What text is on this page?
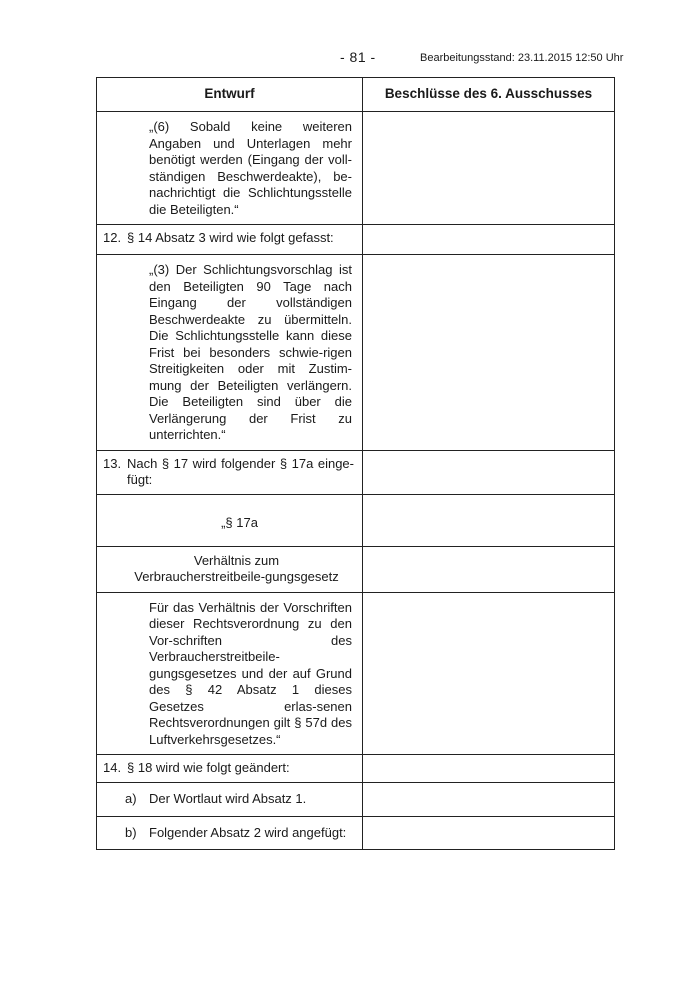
- 81 -	Bearbeitungsstand: 23.11.2015 12:50 Uhr
Entwurf	Beschlüsse des 6. Ausschusses

„(6) Sobald keine weiteren Angaben und Unterlagen mehr benötigt werden (Eingang der voll-ständigen Beschwerdeakte), be-nachrichtigt die Schlichtungsstelle die Beteiligten.“	

12. § 14 Absatz 3 wird wie folgt gefasst:	

„(3) Der Schlichtungsvorschlag ist den Beteiligten 90 Tage nach Eingang der vollständigen Beschwerdeakte zu übermitteln. Die Schlichtungsstelle kann diese Frist bei besonders schwie-rigen Streitigkeiten oder mit Zustim-mung der Beteiligten verlängern. Die Beteiligten sind über die Verlängerung der Frist zu unterrichten.“	

13. Nach § 17 wird folgender § 17a einge-fügt:	

„§ 17a	

Verhältnis zum Verbraucherstreitbeile-gungsgesetz	

Für das Verhältnis der Vorschriften dieser Rechtsverordnung zu den Vor-schriften des Verbraucherstreitbeile-gungsgesetzes und der auf Grund des § 42 Absatz 1 dieses Gesetzes erlas-senen Rechtsverordnungen gilt § 57d des Luftverkehrsgesetzes.“	

14. § 18 wird wie folgt geändert:	

a) Der Wortlaut wird Absatz 1.	

b) Folgender Absatz 2 wird angefügt:	
